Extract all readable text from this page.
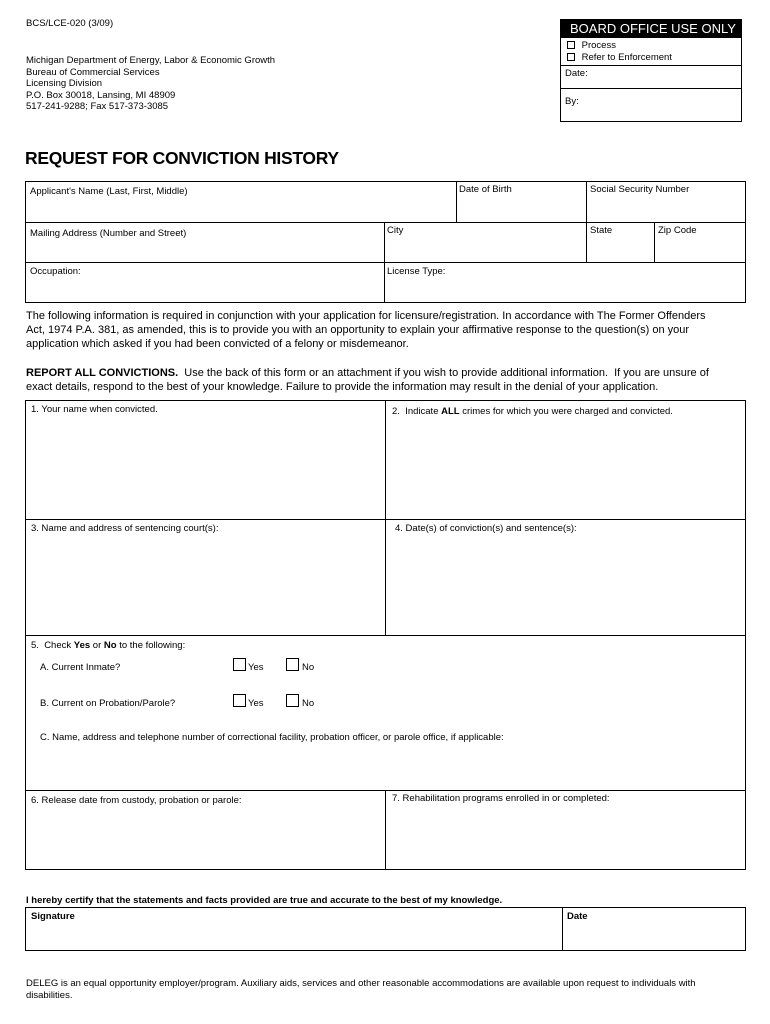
BCS/LCE-020 (3/09)
Michigan Department of Energy, Labor & Economic Growth
Bureau of Commercial Services
Licensing Division
P.O. Box 30018, Lansing, MI 48909
517-241-9288; Fax 517-373-3085
BOARD OFFICE USE ONLY
Process
Refer to Enforcement
Date:
By:
REQUEST FOR CONVICTION HISTORY
Applicant's Name (Last, First, Middle)	Date of Birth	Social Security Number
Mailing Address (Number and Street)	City	State	Zip Code
Occupation:	License Type:
The following information is required in conjunction with your application for licensure/registration. In accordance with The Former Offenders
Act, 1974 P.A. 381, as amended, this is to provide you with an opportunity to explain your affirmative response to the question(s) on your
application which asked if you had been convicted of a felony or misdemeanor.
REPORT ALL CONVICTIONS.  Use the back of this form or an attachment if you wish to provide additional information.  If you are unsure of
exact details, respond to the best of your knowledge. Failure to provide the information may result in the denial of your application.
1. Your name when convicted.	2.  Indicate ALL crimes for which you were charged and convicted.
3. Name and address of sentencing court(s):	4. Date(s) of conviction(s) and sentence(s):
5.  Check Yes or No to the following:
A. Current Inmate?	Yes	No
B. Current on Probation/Parole?	Yes	No
C. Name, address and telephone number of correctional facility, probation officer, or parole office, if applicable:
6. Release date from custody, probation or parole:	7. Rehabilitation programs enrolled in or completed:
I hereby certify that the statements and facts provided are true and accurate to the best of my knowledge.
Signature	Date
DELEG is an equal opportunity employer/program. Auxiliary aids, services and other reasonable accommodations are available upon request to individuals with
disabilities.
